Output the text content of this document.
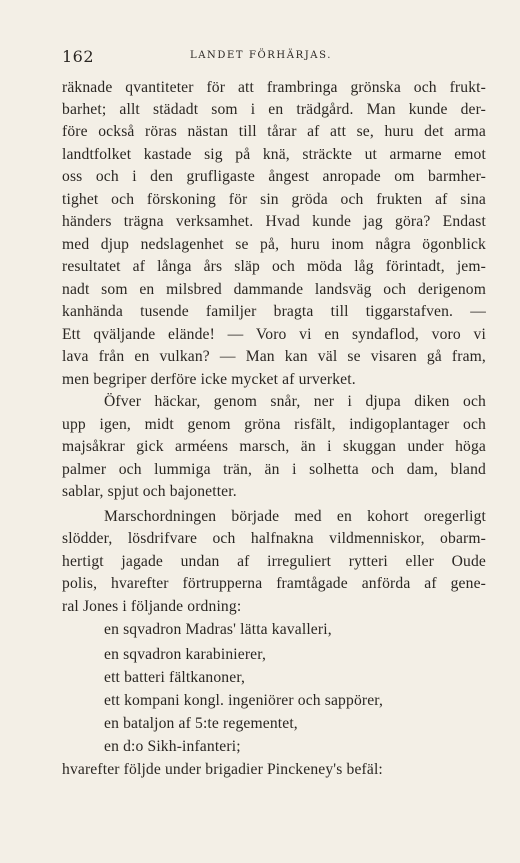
162	LANDET FÖRHÄRJAS.
räknade qvantiteter för att frambringa grönska och frukt-
barhet; allt städadt som i en trädgård. Man kunde der-
före också röras nästan till tårar af att se, huru det arma
landtfolket kastade sig på knä, sträckte ut armarne emot
oss och i den grufligaste ångest anropade om barmher-
tighet och förskoning för sin gröda och frukten af sina
händers trägna verksamhet. Hvad kunde jag göra? Endast
med djup nedslagenhet se på, huru inom några ögonblick
resultatet af långa års släp och möda låg förintadt, jem-
nadt som en milsbred dammande landsväg och derigenom
kanhända tusende familjer bragta till tiggarstafven. —
Ett qväljande elände! — Voro vi en syndaflod, voro vi
lava från en vulkan? — Man kan väl se visaren gå fram,
men begriper derföre icke mycket af urverket.
Öfver häckar, genom snår, ner i djupa diken och
upp igen, midt genom gröna risfält, indigoplantager och
majsåkrar gick arméens marsch, än i skuggan under höga
palmer och lummiga trän, än i solhetta och dam, bland
sablar, spjut och bajonetter.
Marschordningen började med en kohort oregerligt
slödder, lösdrifvare och halfnakna vildmenniskor, obarm-
hertigt jagade undan af irreguliert rytteri eller Oude
polis, hvarefter förtrupperna framtågade anförda af gene-
ral Jones i följande ordning:
en sqvadron Madras' lätta kavalleri,
en sqvadron karabinierer,
ett batteri fältkanoner,
ett kompani kongl. ingeniörer och sappörer,
en bataljon af 5:te regementet,
en d:o Sikh-infanteri;
hvarefter följde under brigadier Pinckeney's befäl:
